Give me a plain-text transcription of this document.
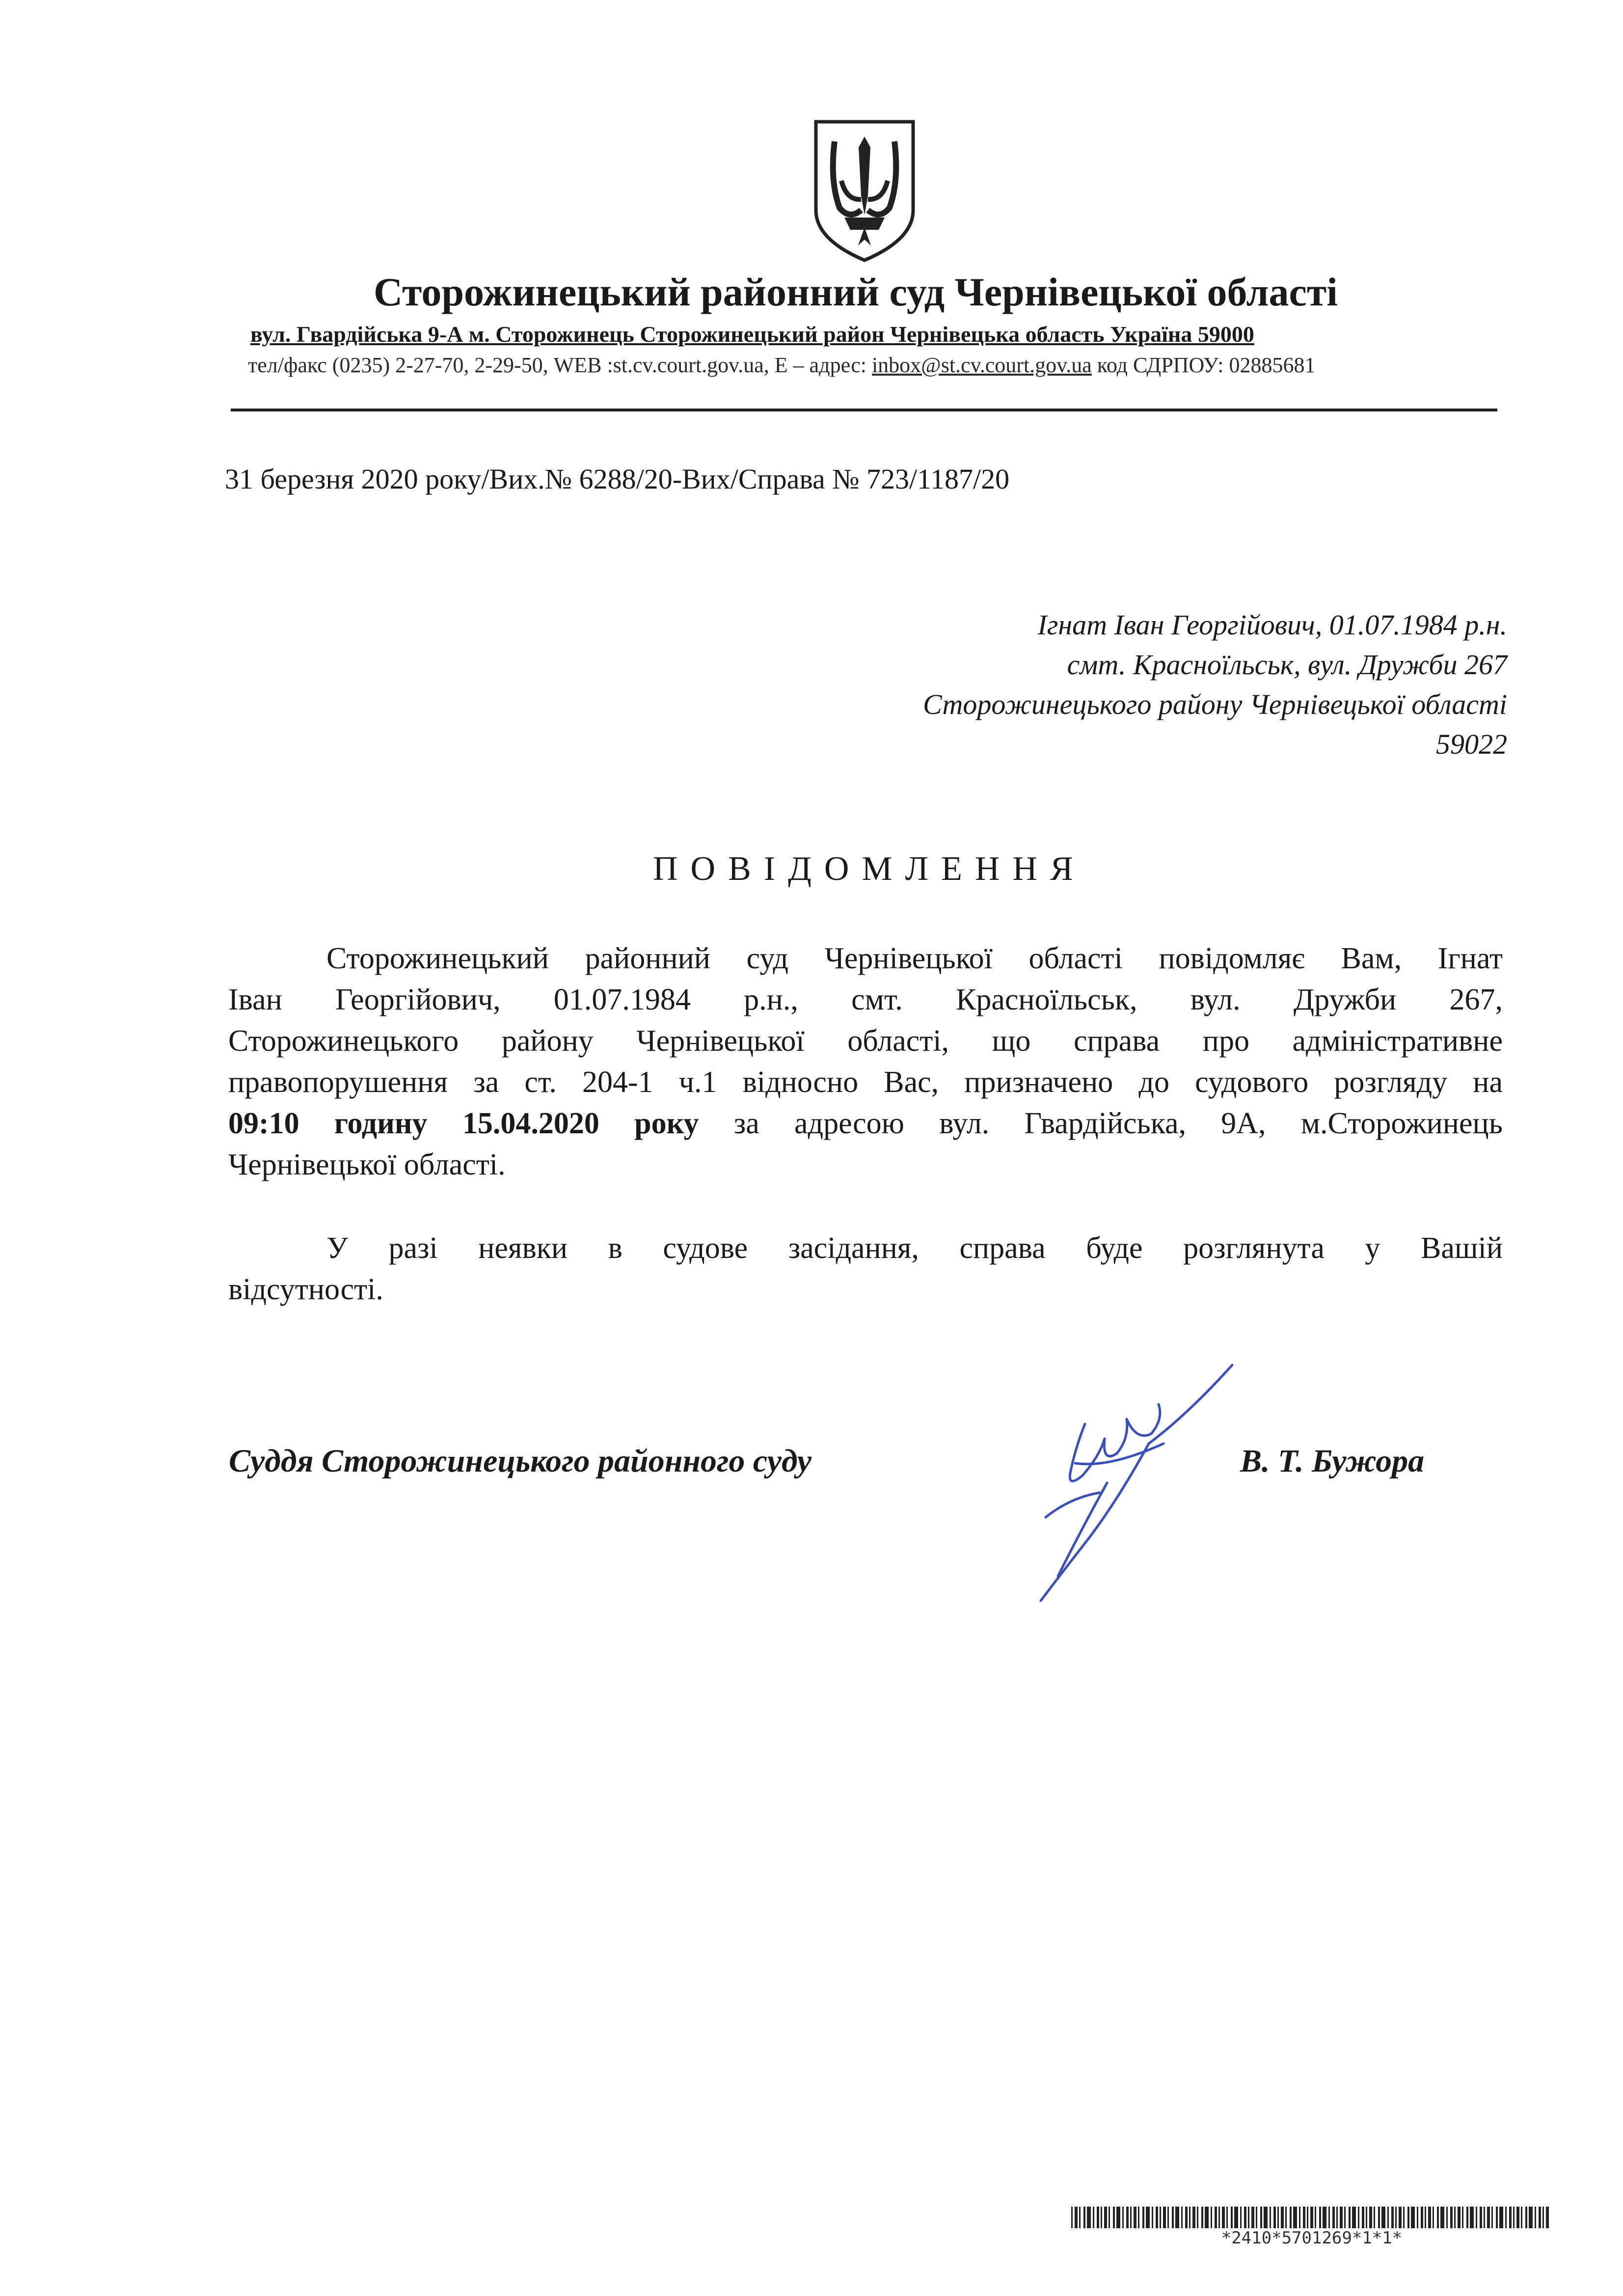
Сторожинецький районний суд Чернівецької області
вул. Гвардійська 9-А м. Сторожинець Сторожинецький район Чернівецька область Україна 59000
тел/факс (0235) 2-27-70, 2-29-50, WEB :st.cv.court.gov.ua, Е – адрес: inbox@st.cv.court.gov.ua код СДРПОУ: 02885681
31 березня 2020 року/Вих.№ 6288/20-Вих/Справа № 723/1187/20
Ігнат Іван Георгійович, 01.07.1984 р.н.
смт. Красноїльськ, вул. Дружби 267
Сторожинецького району Чернівецької області
59022
ПОВІДОМЛЕННЯ
Сторожинецький районний суд Чернівецької області повідомляє Вам, Ігнат
Іван Георгійович, 01.07.1984 р.н., смт. Красноїльськ, вул. Дружби 267,
Сторожинецького району Чернівецької області, що справа про адміністративне
правопорушення за ст. 204-1 ч.1 відносно Вас, призначено до судового розгляду на
09:10 годину 15.04.2020 року за адресою вул. Гвардійська, 9А, м.Сторожинець
Чернівецької області.
У разі неявки в судове засідання, справа буде розглянута у Вашій
відсутності.
Суддя Сторожинецького районного суду	В. Т. Бужора
*2410*5701269*1*1*
